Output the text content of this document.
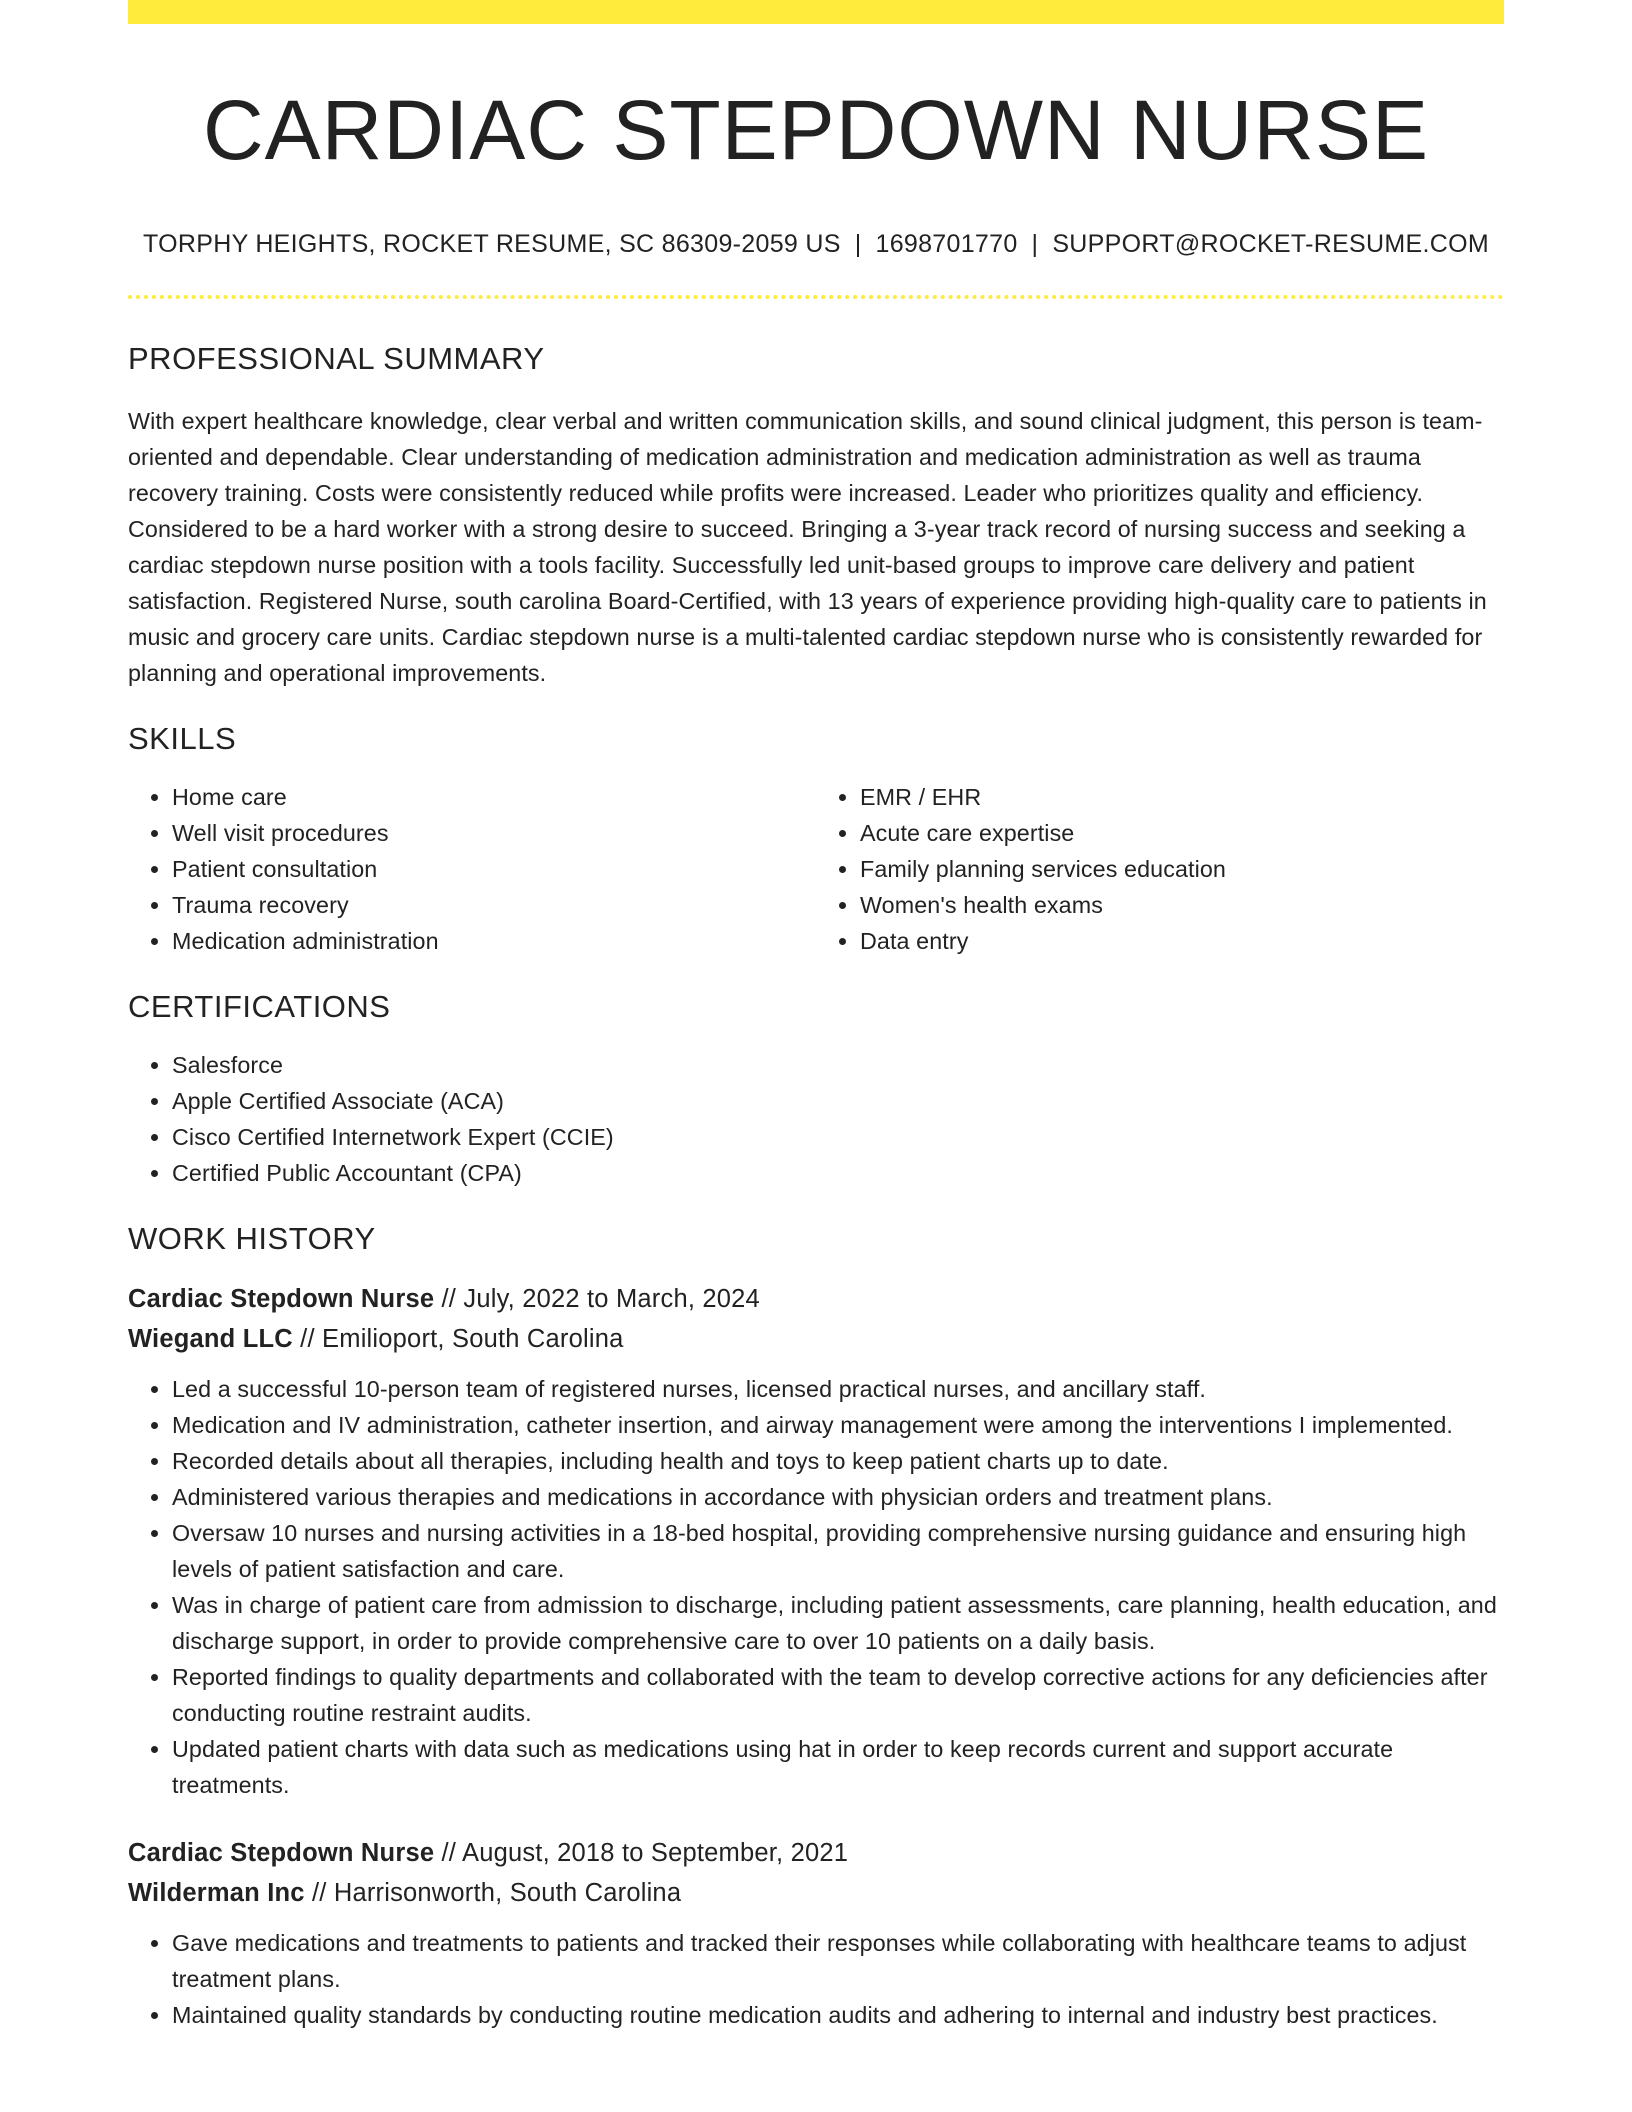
CARDIAC STEPDOWN NURSE
TORPHY HEIGHTS, ROCKET RESUME, SC 86309-2059 US | 1698701770 | SUPPORT@ROCKET-RESUME.COM
PROFESSIONAL SUMMARY
With expert healthcare knowledge, clear verbal and written communication skills, and sound clinical judgment, this person is team-oriented and dependable. Clear understanding of medication administration and medication administration as well as trauma recovery training. Costs were consistently reduced while profits were increased. Leader who prioritizes quality and efficiency. Considered to be a hard worker with a strong desire to succeed. Bringing a 3-year track record of nursing success and seeking a cardiac stepdown nurse position with a tools facility. Successfully led unit-based groups to improve care delivery and patient satisfaction. Registered Nurse, south carolina Board-Certified, with 13 years of experience providing high-quality care to patients in music and grocery care units. Cardiac stepdown nurse is a multi-talented cardiac stepdown nurse who is consistently rewarded for planning and operational improvements.
SKILLS
• Home care
• Well visit procedures
• Patient consultation
• Trauma recovery
• Medication administration
• EMR / EHR
• Acute care expertise
• Family planning services education
• Women's health exams
• Data entry
CERTIFICATIONS
• Salesforce
• Apple Certified Associate (ACA)
• Cisco Certified Internetwork Expert (CCIE)
• Certified Public Accountant (CPA)
WORK HISTORY
Cardiac Stepdown Nurse // July, 2022 to March, 2024
Wiegand LLC // Emilioport, South Carolina
• Led a successful 10-person team of registered nurses, licensed practical nurses, and ancillary staff.
• Medication and IV administration, catheter insertion, and airway management were among the interventions I implemented.
• Recorded details about all therapies, including health and toys to keep patient charts up to date.
• Administered various therapies and medications in accordance with physician orders and treatment plans.
• Oversaw 10 nurses and nursing activities in a 18-bed hospital, providing comprehensive nursing guidance and ensuring high levels of patient satisfaction and care.
• Was in charge of patient care from admission to discharge, including patient assessments, care planning, health education, and discharge support, in order to provide comprehensive care to over 10 patients on a daily basis.
• Reported findings to quality departments and collaborated with the team to develop corrective actions for any deficiencies after conducting routine restraint audits.
• Updated patient charts with data such as medications using hat in order to keep records current and support accurate treatments.
Cardiac Stepdown Nurse // August, 2018 to September, 2021
Wilderman Inc // Harrisonworth, South Carolina
• Gave medications and treatments to patients and tracked their responses while collaborating with healthcare teams to adjust treatment plans.
• Maintained quality standards by conducting routine medication audits and adhering to internal and industry best practices.
